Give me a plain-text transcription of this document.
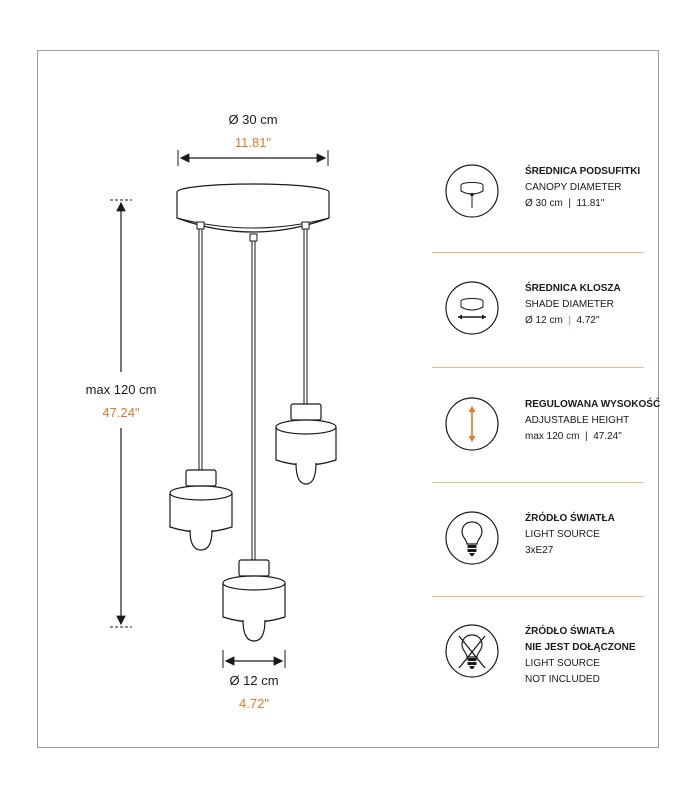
Ø 30 cm
11.81"
max 120 cm
47.24"
Ø 12 cm
4.72"
ŚREDNICA PODSUFITKI
CANOPY DIAMETER
Ø 30 cm | 11.81"
ŚREDNICA KLOSZA
SHADE DIAMETER
Ø 12 cm | 4.72"
REGULOWANA WYSOKOŚĆ
ADJUSTABLE HEIGHT
max 120 cm | 47.24"
ŹRÓDŁO ŚWIATŁA
LIGHT SOURCE
3xE27
ŹRÓDŁO ŚWIATŁA
NIE JEST DOŁĄCZONE
LIGHT SOURCE
NOT INCLUDED
